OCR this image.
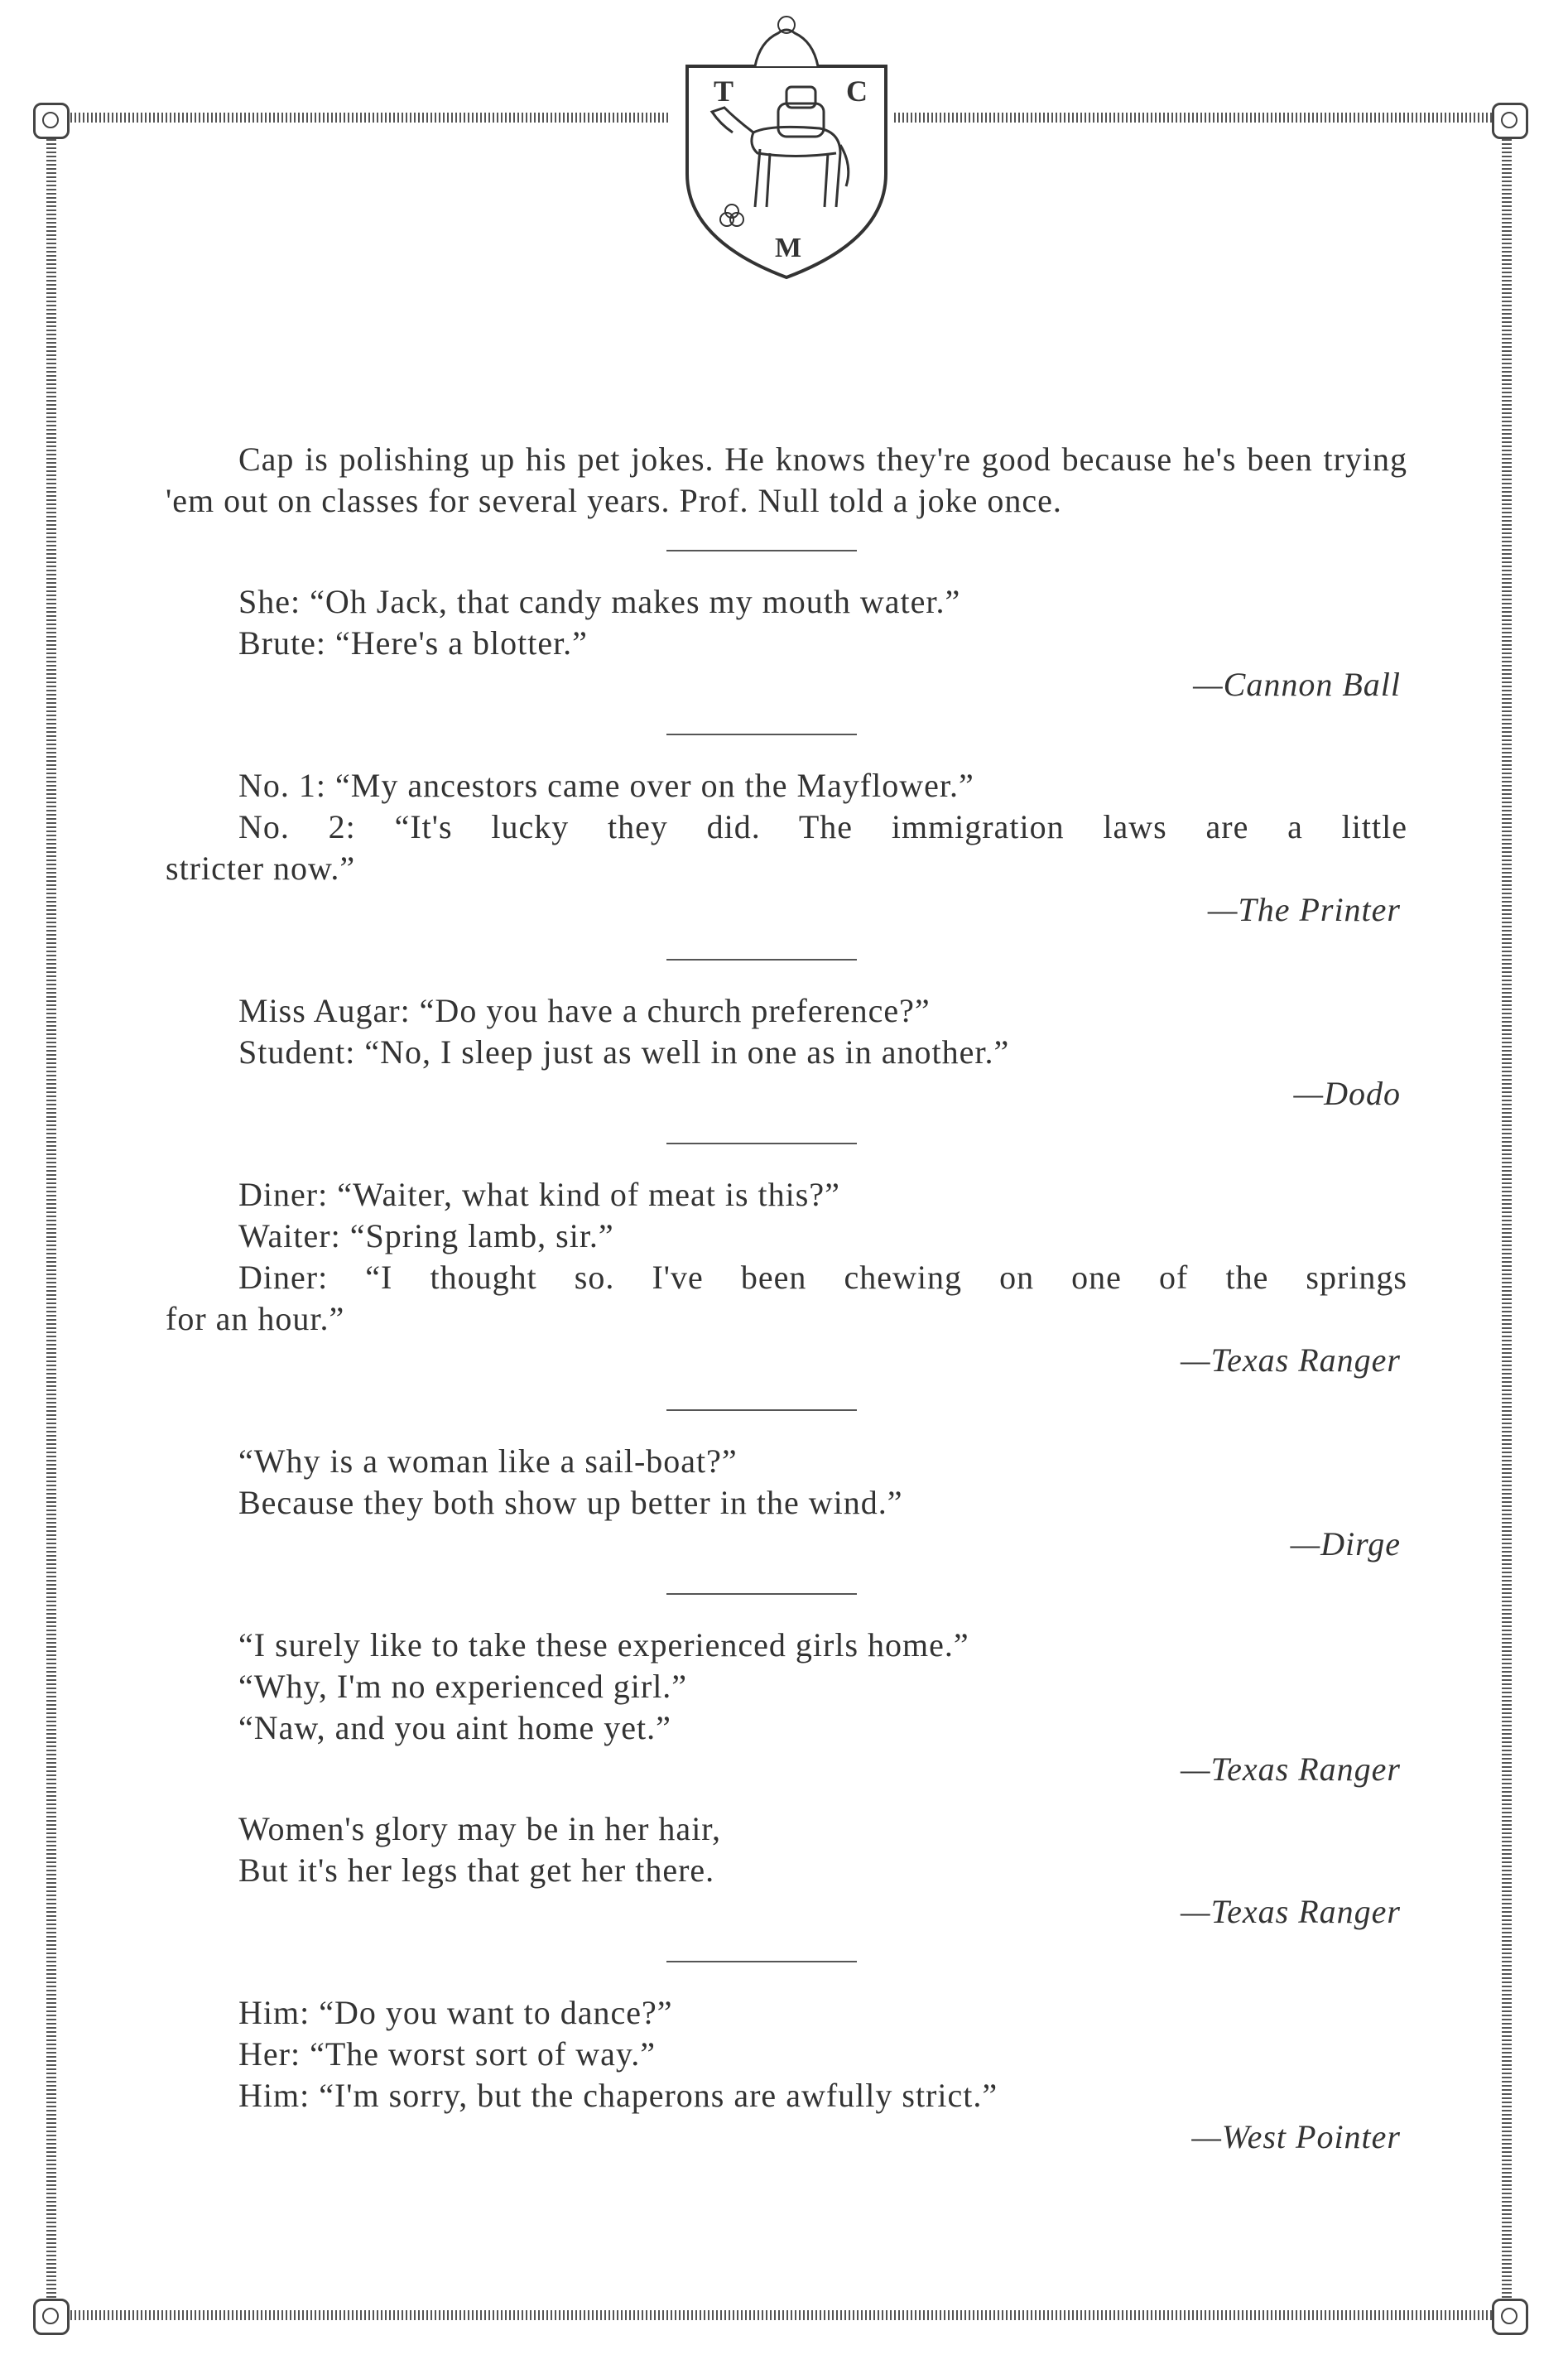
T	C
M

Cap is polishing up his pet jokes. He knows they're good because he's been trying 'em out on classes for several years. Prof. Null told a joke once.

She: “Oh Jack, that candy makes my mouth water.”

Brute: “Here's a blotter.”

—Cannon Ball

No. 1: “My ancestors came over on the Mayflower.”

No. 2: “It's lucky they did. The immigration laws are a little

stricter now.”

—The Printer

Miss Augar: “Do you have a church preference?”

Student: “No, I sleep just as well in one as in another.”

—Dodo

Diner: “Waiter, what kind of meat is this?”

Waiter: “Spring lamb, sir.”

Diner: “I thought so. I've been chewing on one of the springs

for an hour.”

—Texas Ranger

“Why is a woman like a sail-boat?”

Because they both show up better in the wind.”

—Dirge

“I surely like to take these experienced girls home.”

“Why, I'm no experienced girl.”

“Naw, and you aint home yet.”

—Texas Ranger

Women's glory may be in her hair,

But it's her legs that get her there.

—Texas Ranger

Him: “Do you want to dance?”

Her: “The worst sort of way.”

Him: “I'm sorry, but the chaperons are awfully strict.”

—West Pointer
